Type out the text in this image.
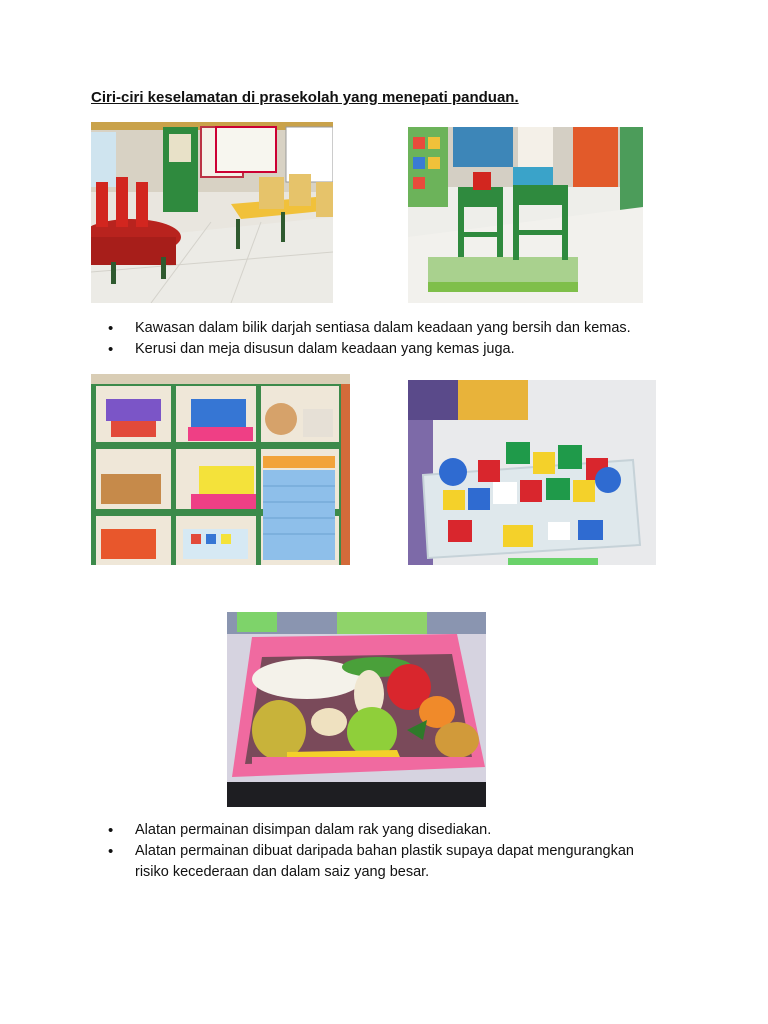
Ciri-ciri keselamatan di prasekolah yang menepati panduan.
• Kawasan dalam bilik darjah sentiasa dalam keadaan yang bersih dan kemas.
• Kerusi dan meja disusun dalam keadaan yang kemas juga.
• Alatan permainan disimpan dalam rak yang disediakan.
• Alatan permainan dibuat daripada bahan plastik supaya dapat mengurangkan risiko kecederaan dan dalam saiz yang besar.
